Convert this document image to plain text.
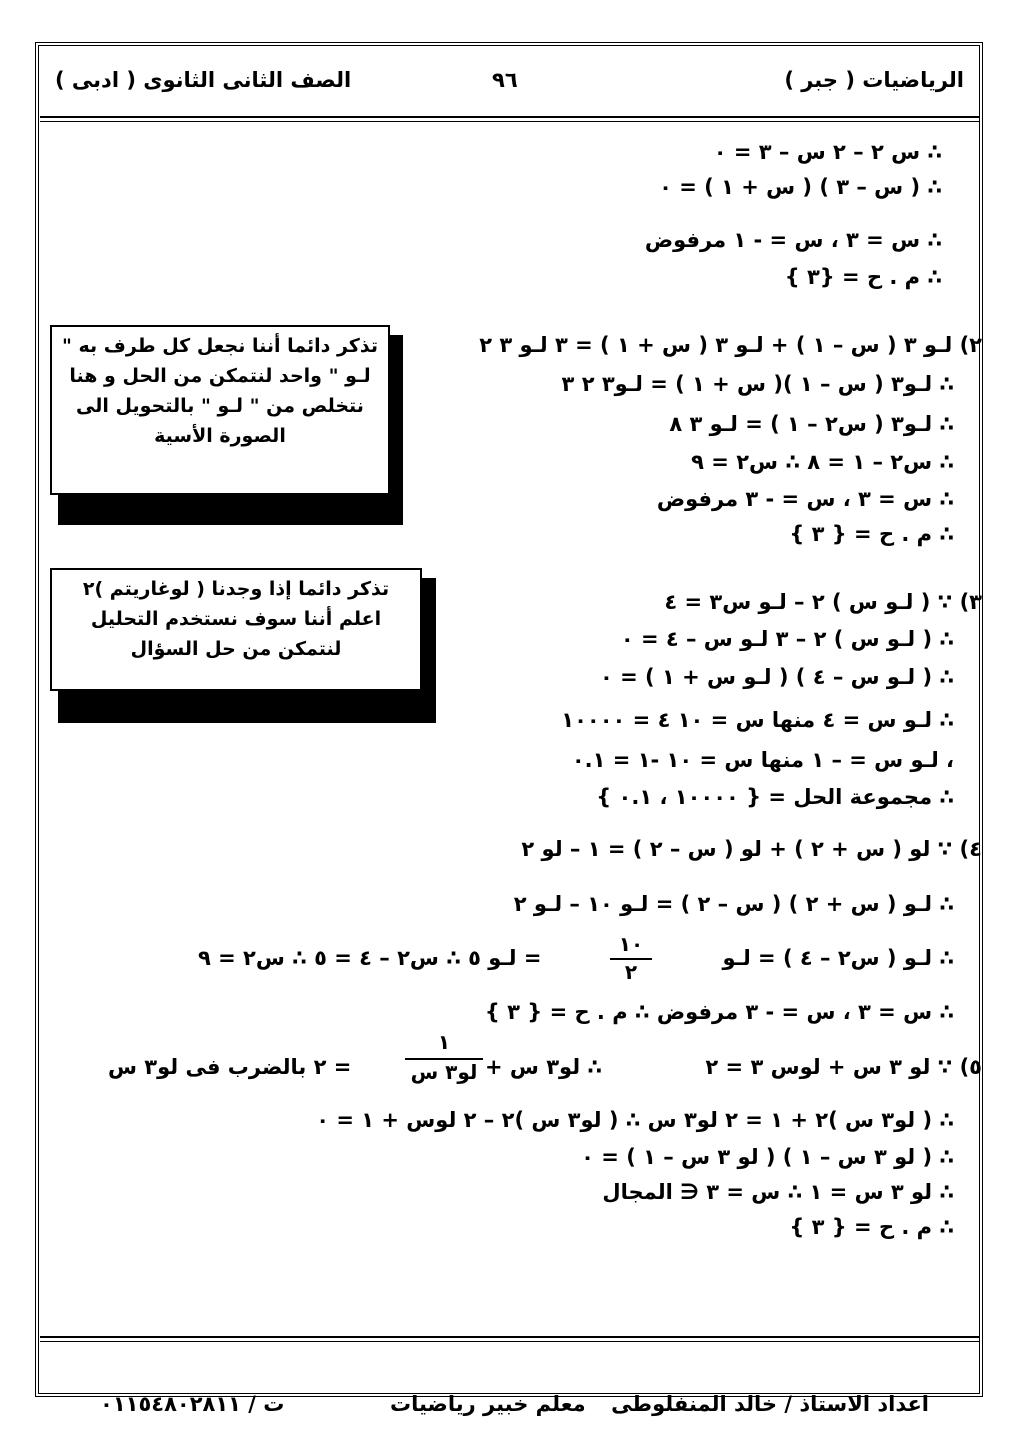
الرياضيات ( جبر )
٩٦
الصف الثانى الثانوى ( ادبى )
∴ س ٢ – ٢ س – ٣ = ٠
∴ ( س – ٣ ) ( س + ١ ) = ٠
∴ س = ٣ ، س = - ١ مرفوض
∴ م . ح = {٣ }
٢) لـو ٣ ( س – ١ ) + لـو ٣ ( س + ١ ) = ٣ لـو ٣ ٢
∴ لـو٣ ( س – ١ )( س + ١ ) = لـو٣ ٢ ٣
∴ لـو٣ ( س٢ – ١ ) = لـو ٣ ٨
∴ س٢ – ١ = ٨ ∴ س٢ = ٩
∴ س = ٣ ، س = - ٣ مرفوض
∴ م . ح = { ٣ }
٣) ∵ ( لـو س ) ٢ – لـو س٣ = ٤
∴ ( لـو س ) ٢ – ٣ لـو س – ٤ = ٠
∴ ( لـو س – ٤ ) ( لـو س + ١ ) = ٠
∴ لـو س = ٤ منها س = ١٠ ٤ = ١٠٠٠٠
، لـو س = – ١ منها س = ١٠ -١ = ٠.١
∴ مجموعة الحل = { ١٠٠٠٠ ، ٠.١ }
٤) ∵ لو ( س + ٢ ) + لو ( س – ٢ ) = ١ – لو ٢
∴ لـو ( س + ٢ ) ( س – ٢ ) = لـو ١٠ – لـو ٢
∴ لـو ( س٢ – ٤ ) = لـو
١٠
٢
= لـو ٥ ∴ س٢ – ٤ = ٥ ∴ س٢ = ٩
∴ س = ٣ ، س = - ٣ مرفوض ∴ م . ح = { ٣ }
٥) ∵ لو ٣ س + لوس ٣ = ٢
∴ لو٣ س +
١
لو٣ س
= ٢ بالضرب فى لو٣ س
∴ ( لو٣ س )٢ + ١ = ٢ لو٣ س ∴ ( لو٣ س )٢ – ٢ لوس + ١ = ٠
∴ ( لو ٣ س – ١ ) ( لو ٣ س – ١ ) = ٠
∴ لو ٣ س = ١ ∴ س = ٣ ∈ المجال
∴ م . ح = { ٣ }
تذكر دائما أننا نجعل كل طرف به " لـو " واحد لنتمكن من الحل و هنا نتخلص من " لـو " بالتحويل الى الصورة الأسية
تذكر دائما إذا وجدنا ( لوغاريتم )٢ اعلم أننا سوف نستخدم التحليل لنتمكن من حل السؤال
اعداد الاستاذ / خالد المنفلوطى
معلم خبير رياضيات
ت / ٠١١٥٤٨٠٢٨١١
